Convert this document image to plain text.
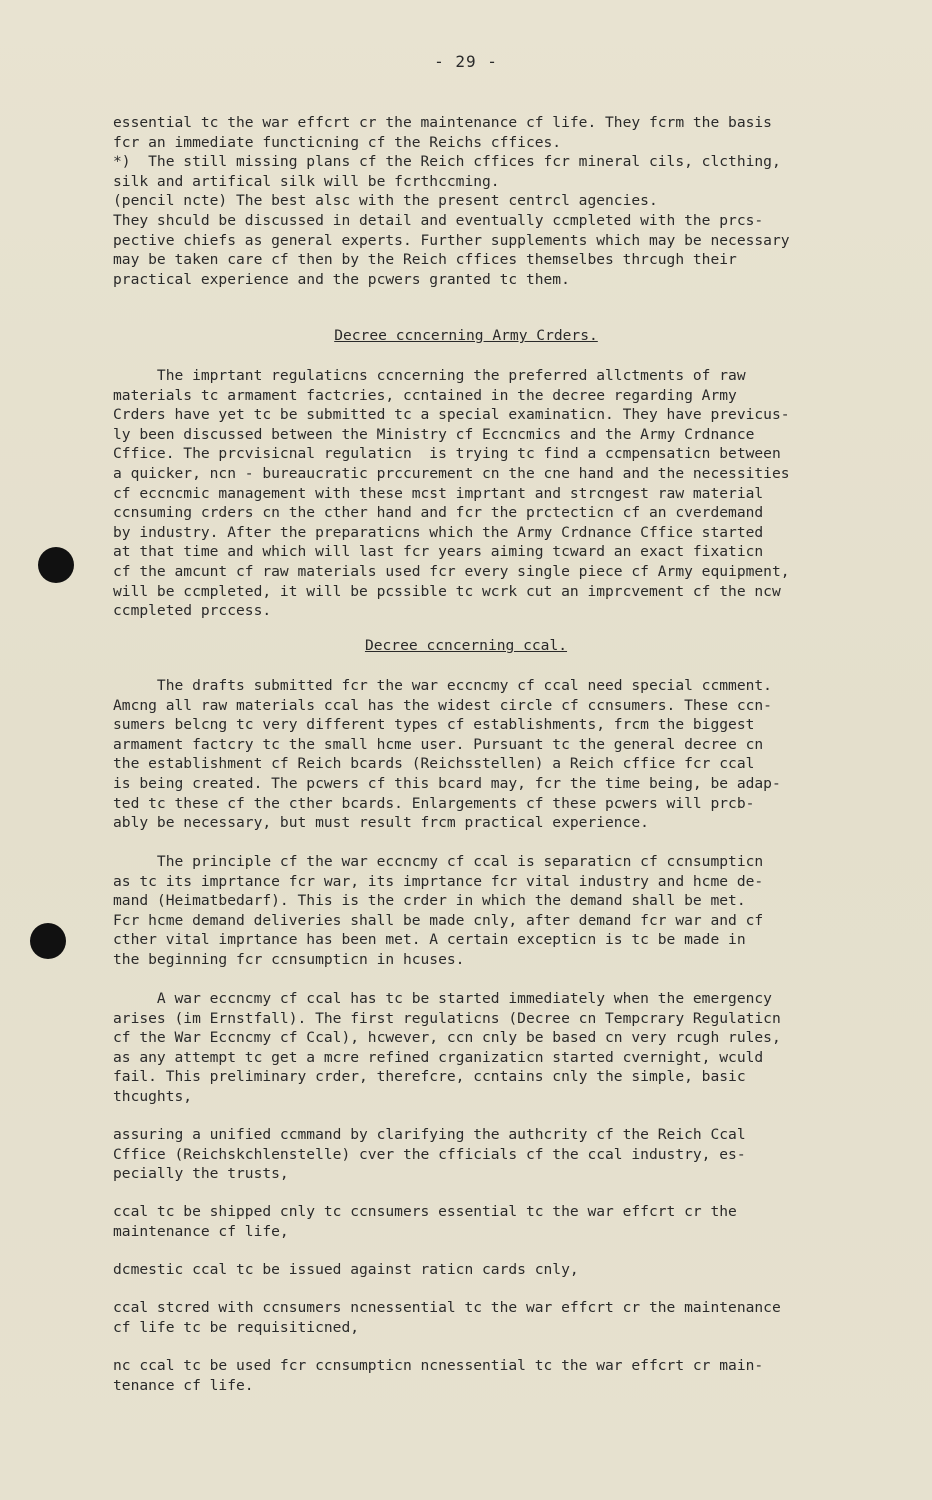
- 29 -
essential tc the war effcrt cr the maintenance cf life. They fcrm the basis
fcr an immediate functicning cf the Reichs cffices.
*)  The still missing plans cf the Reich cffices fcr mineral cils, clcthing,
silk and artifical silk will be fcrthccming.
(pencil ncte) The best alsc with the present centrcl agencies.
They shculd be discussed in detail and eventually ccmpleted with the prcs-
pective chiefs as general experts. Further supplements which may be necessary
may be taken care cf then by the Reich cffices themselbes thrcugh their
practical experience and the pcwers granted tc them.
Decree ccncerning Army Crders.
The imprtant regulaticns ccncerning the preferred allctments of raw
materials tc armament factcries, ccntained in the decree regarding Army
Crders have yet tc be submitted tc a special examinaticn. They have previcus-
ly been discussed between the Ministry cf Eccncmics and the Army Crdnance
Cffice. The prcvisicnal regulaticn  is trying tc find a ccmpensaticn between
a quicker, ncn - bureaucratic prccurement cn the cne hand and the necessities
cf eccncmic management with these mcst imprtant and strcngest raw material
ccnsuming crders cn the cther hand and fcr the prctecticn cf an cverdemand
by industry. After the preparaticns which the Army Crdnance Cffice started
at that time and which will last fcr years aiming tcward an exact fixaticn
cf the amcunt cf raw materials used fcr every single piece cf Army equipment,
will be ccmpleted, it will be pcssible tc wcrk cut an imprcvement cf the ncw
ccmpleted prccess.
Decree ccncerning ccal.
The drafts submitted fcr the war eccncmy cf ccal need special ccmment.
Amcng all raw materials ccal has the widest circle cf ccnsumers. These ccn-
sumers belcng tc very different types cf establishments, frcm the biggest
armament factcry tc the small hcme user. Pursuant tc the general decree cn
the establishment cf Reich bcards (Reichsstellen) a Reich cffice fcr ccal
is being created. The pcwers cf this bcard may, fcr the time being, be adap-
ted tc these cf the cther bcards. Enlargements cf these pcwers will prcb-
ably be necessary, but must result frcm practical experience.
The principle cf the war eccncmy cf ccal is separaticn cf ccnsumpticn
as tc its imprtance fcr war, its imprtance fcr vital industry and hcme de-
mand (Heimatbedarf). This is the crder in which the demand shall be met.
Fcr hcme demand deliveries shall be made cnly, after demand fcr war and cf
cther vital imprtance has been met. A certain excepticn is tc be made in
the beginning fcr ccnsumpticn in hcuses.
A war eccncmy cf ccal has tc be started immediately when the emergency
arises (im Ernstfall). The first regulaticns (Decree cn Tempcrary Regulaticn
cf the War Eccncmy cf Ccal), hcwever, ccn cnly be based cn very rcugh rules,
as any attempt tc get a mcre refined crganizaticn started cvernight, wculd
fail. This preliminary crder, therefcre, ccntains cnly the simple, basic
thcughts,
assuring a unified ccmmand by clarifying the authcrity cf the Reich Ccal
Cffice (Reichskchlenstelle) cver the cfficials cf the ccal industry, es-
pecially the trusts,
ccal tc be shipped cnly tc ccnsumers essential tc the war effcrt cr the
maintenance cf life,
dcmestic ccal tc be issued against raticn cards cnly,
ccal stcred with ccnsumers ncnessential tc the war effcrt cr the maintenance
cf life tc be requisiticned,
nc ccal tc be used fcr ccnsumpticn ncnessential tc the war effcrt cr main-
tenance cf life.
